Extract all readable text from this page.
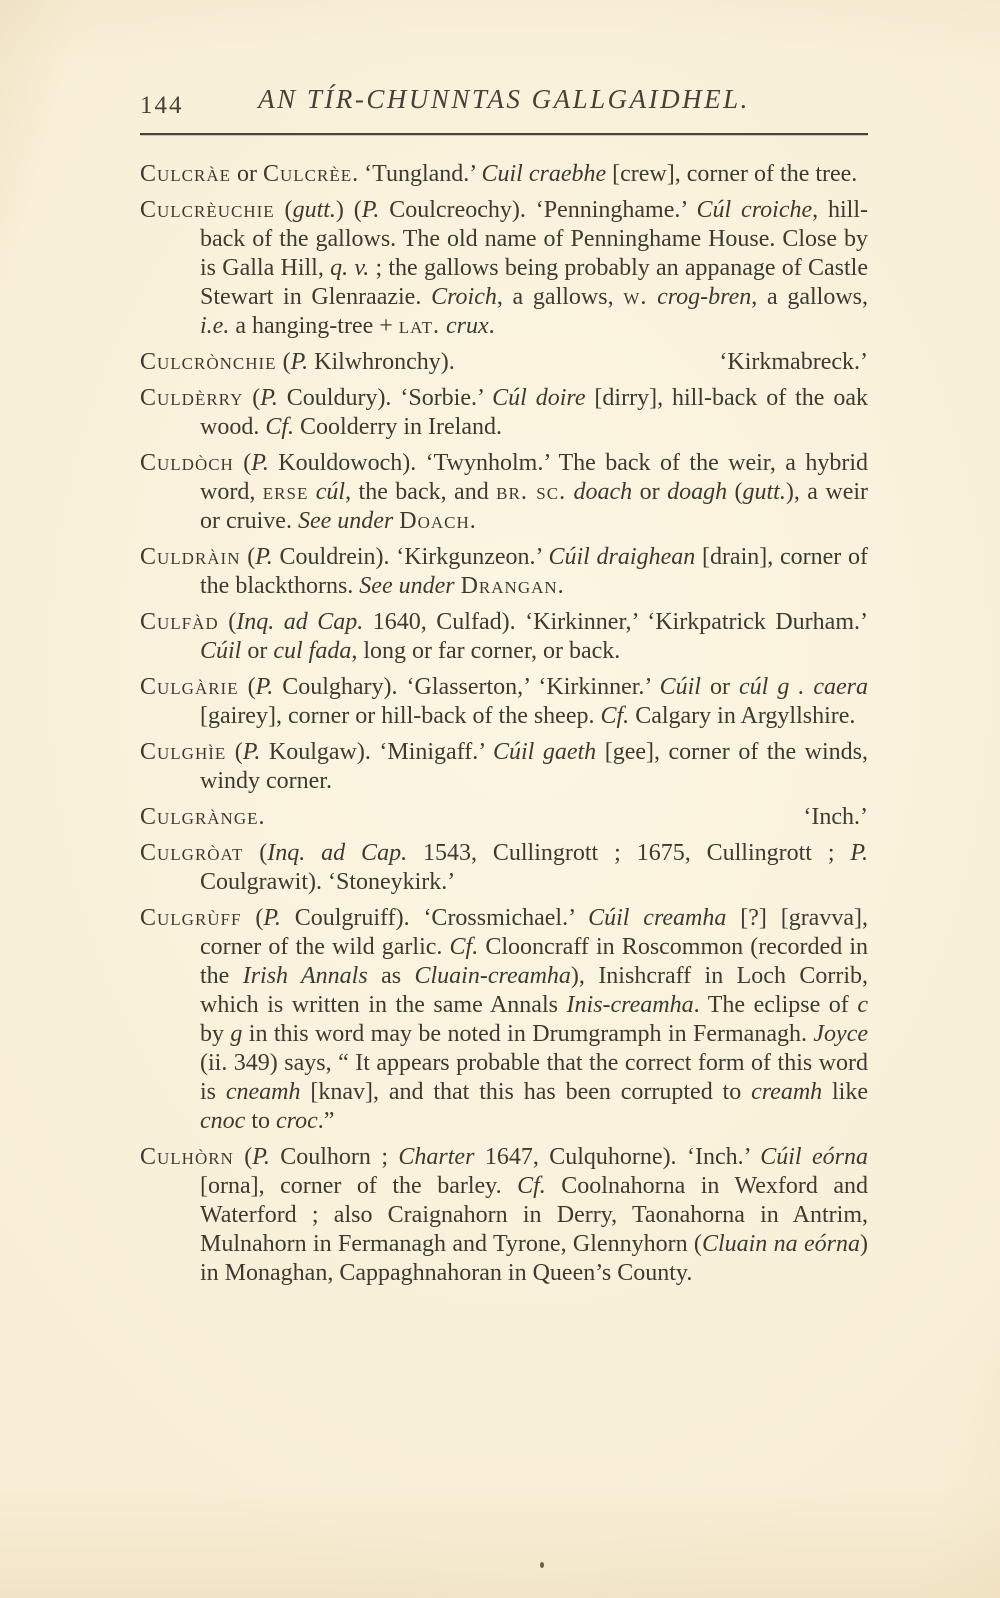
144	AN TÍR-CHUNNTAS GALLGAIDHEL.

Culcràe or Culcrèe. ‘Tungland.’ Cuil craebhe [crew], corner of the tree.

Culcrèuchie (gutt.) (P. Coulcreochy). ‘Penninghame.’ Cúl croiche, hill-back of the gallows. The old name of Penninghame House. Close by is Galla Hill, q. v. ; the gallows being probably an appanage of Castle Stewart in Glenraazie. Croich, a gallows, w. crog-bren, a gallows, i.e. a hanging-tree + lat. crux.

‘Kirkmabreck.’
Culcrònchie (P. Kilwhronchy).

Culdèrry (P. Couldury). ‘Sorbie.’ Cúl doire [dirry], hill-back of the oak wood. Cf. Coolderry in Ireland.

Culdòch (P. Kouldowoch). ‘Twynholm.’ The back of the weir, a hybrid word, erse cúl, the back, and br. sc. doach or doagh (gutt.), a weir or cruive. See under Doach.

Culdràin (P. Couldrein). ‘Kirkgunzeon.’ Cúil draighean [drain], corner of the blackthorns. See under Drangan.

Culfàd (Inq. ad Cap. 1640, Culfad). ‘Kirkinner,’ ‘Kirkpatrick Durham.’ Cúil or cul fada, long or far corner, or back.

Culgàrie (P. Coulghary). ‘Glasserton,’ ‘Kirkinner.’ Cúil or cúl g . caera [gairey], corner or hill-back of the sheep. Cf. Calgary in Argyllshire.

Culghìe (P. Koulgaw). ‘Minigaff.’ Cúil gaeth [gee], corner of the winds, windy corner.

‘Inch.’
Culgrànge.

Culgròat (Inq. ad Cap. 1543, Cullingrott ; 1675, Cullingrott ; P. Coulgrawit). ‘Stoneykirk.’

Culgrùff (P. Coulgruiff). ‘Crossmichael.’ Cúil creamha [?] [gravva], corner of the wild garlic. Cf. Clooncraff in Roscommon (recorded in the Irish Annals as Cluain-creamha), Inishcraff in Loch Corrib, which is written in the same Annals Inis-creamha. The eclipse of c by g in this word may be noted in Drumgramph in Fermanagh. Joyce (ii. 349) says, “ It appears probable that the correct form of this word is cneamh [knav], and that this has been corrupted to creamh like cnoc to croc.”

Culhòrn (P. Coulhorn ; Charter 1647, Culquhorne). ‘Inch.’ Cúil eórna [orna], corner of the barley. Cf. Coolnahorna in Wexford and Waterford ; also Craignahorn in Derry, Taonahorna in Antrim, Mulnahorn in Fermanagh and Tyrone, Glennyhorn (Cluain na eórna) in Monaghan, Cappaghnahoran in Queen’s County.
